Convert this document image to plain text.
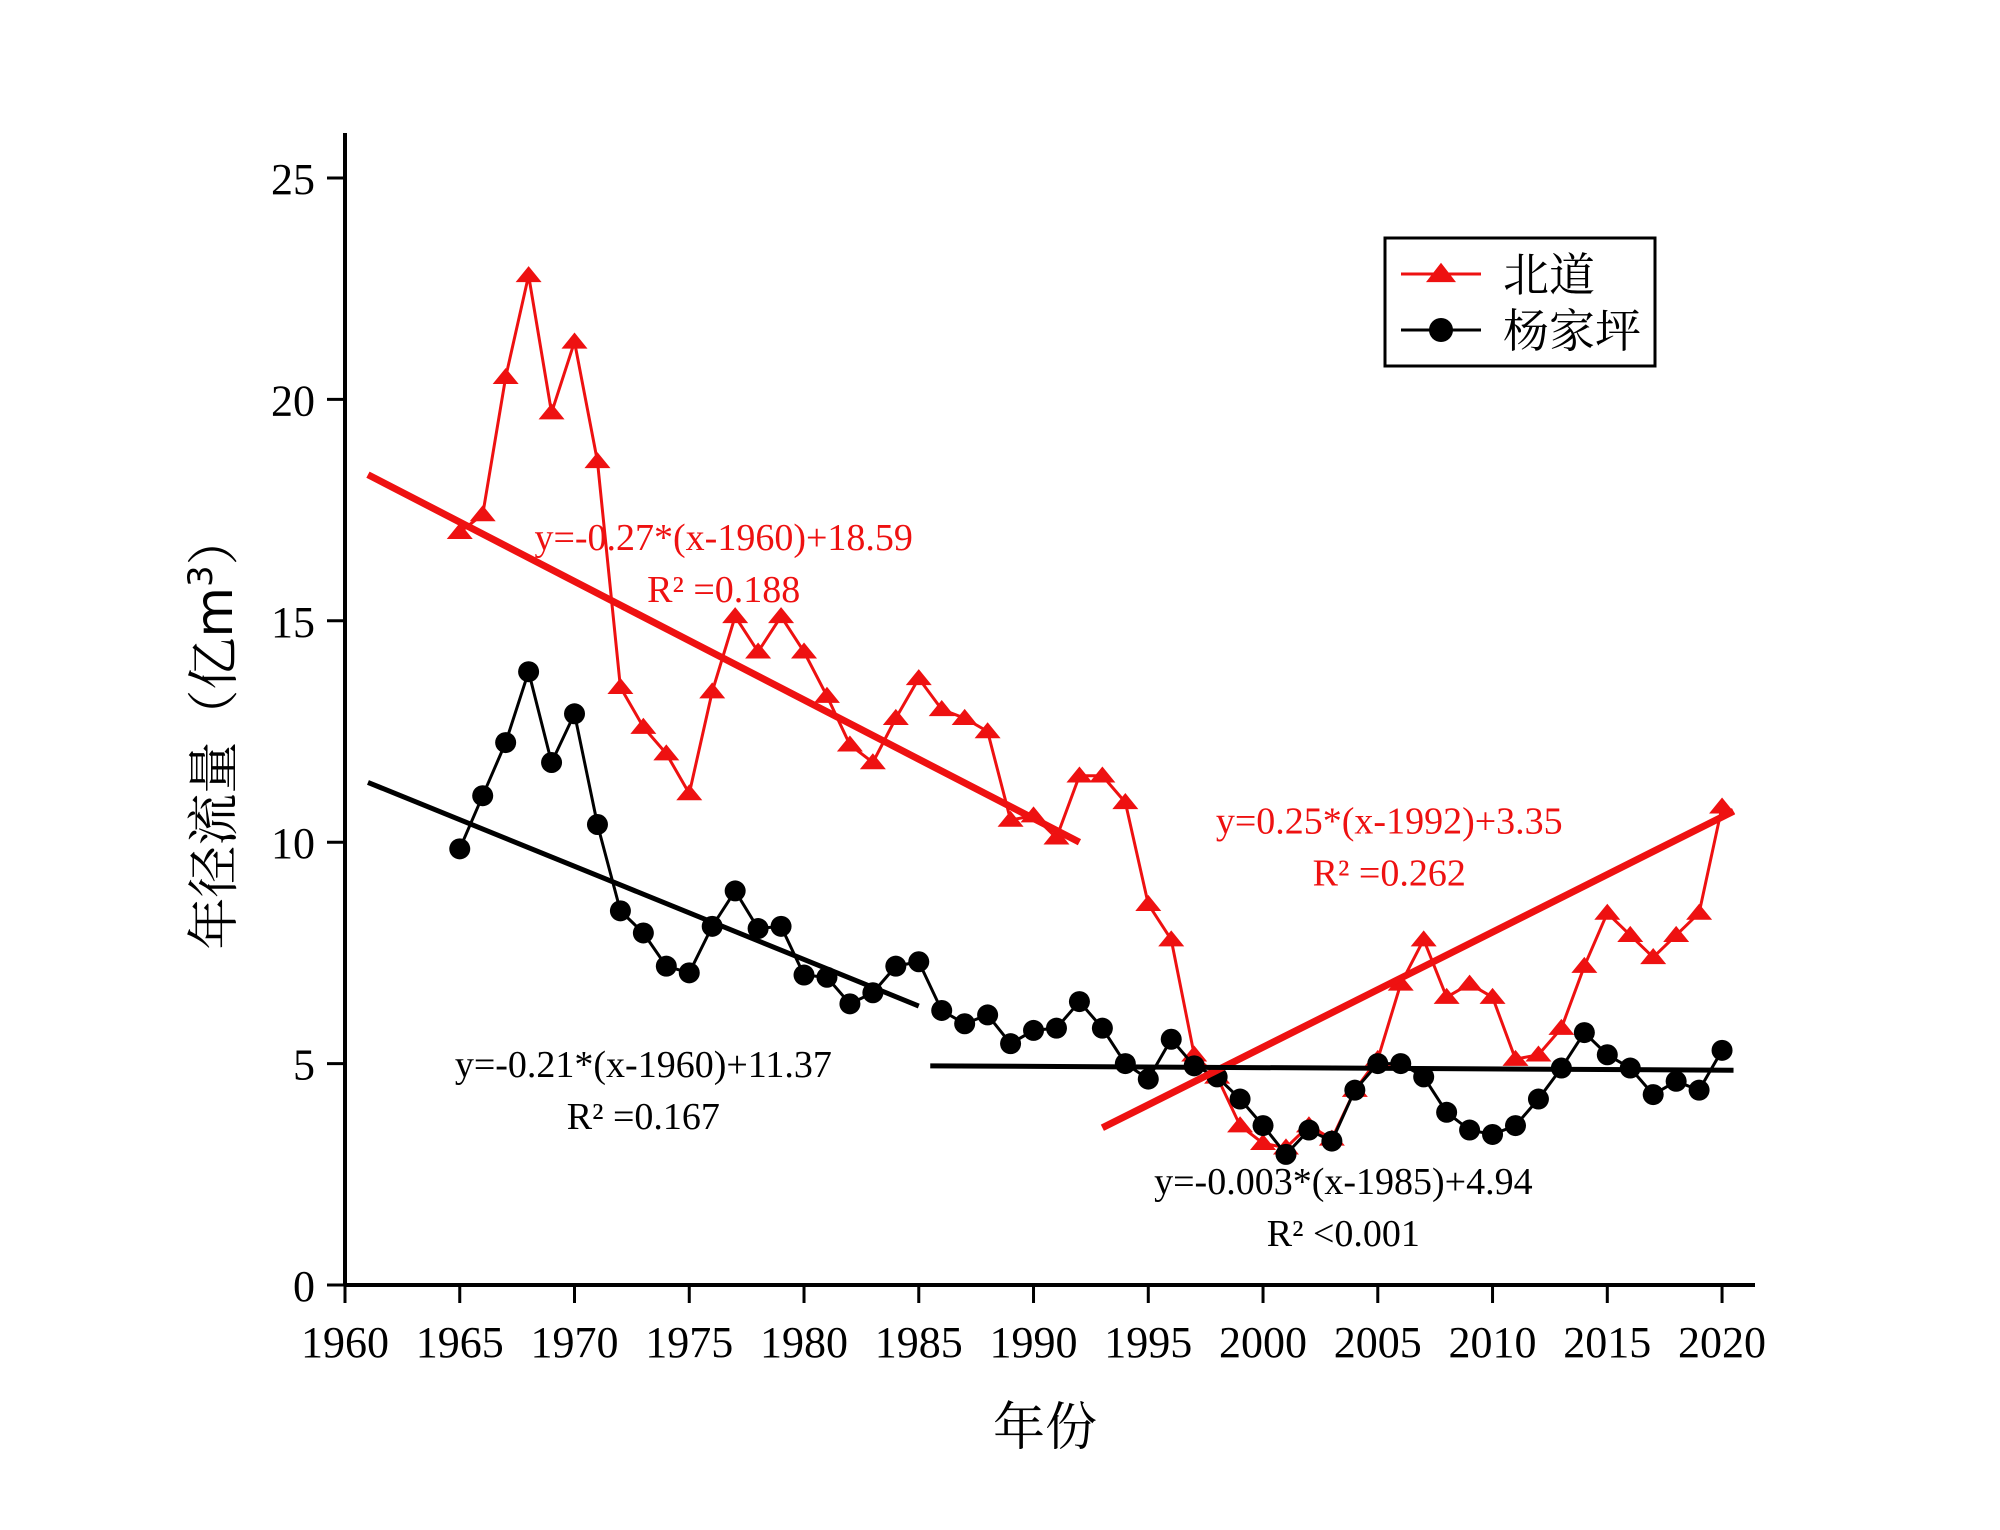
0
5
10
15
20
25
1960 1965 1970 1975 1980 1985 1990 1995 2000 2005 2010 2015 2020
y=-0.27*(x-1960)+18.59
R² =0.188
y=0.25*(x-1992)+3.35
R² =0.262
y=-0.21*(x-1960)+11.37
R² =0.167
y=-0.003*(x-1985)+4.94
R² <0.001
北道
杨家坪
年份
年径流量（亿$m^3$）
